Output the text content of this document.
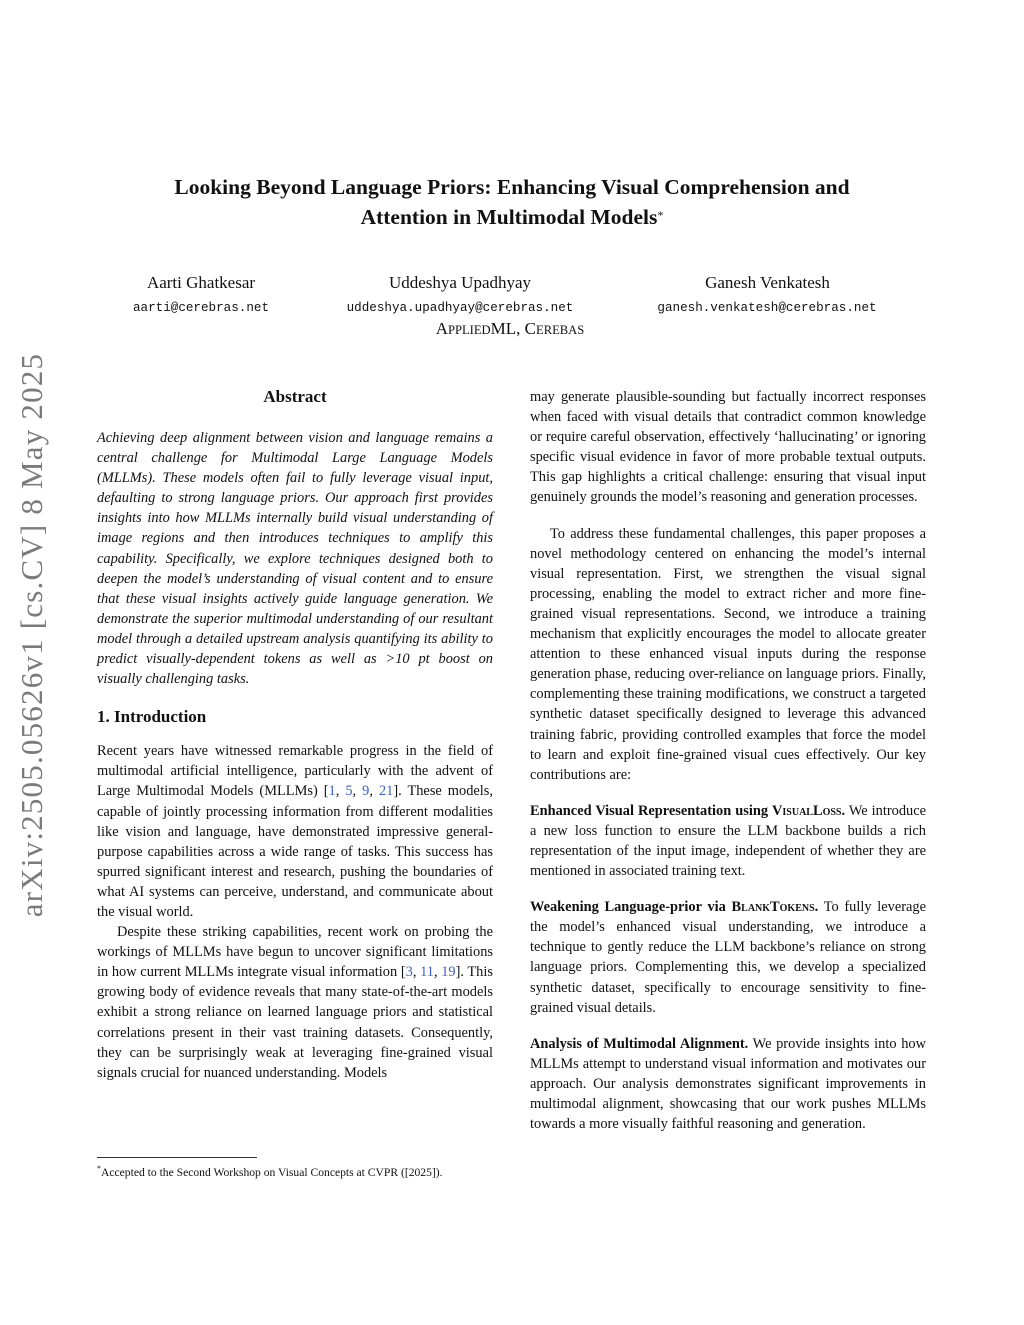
arXiv:2505.05626v1 [cs.CV] 8 May 2025
Looking Beyond Language Priors: Enhancing Visual Comprehension and
Attention in Multimodal Models*
Aarti Ghatkesar	Uddeshya Upadhyay	Ganesh Venkatesh
aarti@cerebras.net	uddeshya.upadhyay@cerebras.net	ganesh.venkatesh@cerebras.net
APPLIEDML, CEREBAS
Abstract

Achieving deep alignment between vision and language remains a central challenge for Multimodal Large Language Models (MLLMs). These models often fail to fully leverage visual input, defaulting to strong language priors. Our approach first provides insights into how MLLMs internally build visual understanding of image regions and then introduces techniques to amplify this capability. Specifically, we explore techniques designed both to deepen the model’s understanding of visual content and to ensure that these visual insights actively guide language generation. We demonstrate the superior multimodal understanding of our resultant model through a detailed upstream analysis quantifying its ability to predict visually-dependent tokens as well as >10 pt boost on visually challenging tasks.

1. Introduction

Recent years have witnessed remarkable progress in the field of multimodal artificial intelligence, particularly with the advent of Large Multimodal Models (MLLMs) [1, 5, 9, 21]. These models, capable of jointly processing information from different modalities like vision and language, have demonstrated impressive general-purpose capabilities across a wide range of tasks. This success has spurred significant interest and research, pushing the boundaries of what AI systems can perceive, understand, and communicate about the visual world.

Despite these striking capabilities, recent work on probing the workings of MLLMs have begun to uncover significant limitations in how current MLLMs integrate visual information [3, 11, 19]. This growing body of evidence reveals that many state-of-the-art models exhibit a strong reliance on learned language priors and statistical correlations present in their vast training datasets. Consequently, they can be surprisingly weak at leveraging fine-grained visual signals crucial for nuanced understanding. Models

*Accepted to the Second Workshop on Visual Concepts at CVPR ([2025]).

may generate plausible-sounding but factually incorrect responses when faced with visual details that contradict common knowledge or require careful observation, effectively ‘hallucinating’ or ignoring specific visual evidence in favor of more probable textual outputs. This gap highlights a critical challenge: ensuring that visual input genuinely grounds the model’s reasoning and generation processes.

To address these fundamental challenges, this paper proposes a novel methodology centered on enhancing the model’s internal visual representation. First, we strengthen the visual signal processing, enabling the model to extract richer and more fine-grained visual representations. Second, we introduce a training mechanism that explicitly encourages the model to allocate greater attention to these enhanced visual inputs during the response generation phase, reducing over-reliance on language priors. Finally, complementing these training modifications, we construct a targeted synthetic dataset specifically designed to leverage this advanced training fabric, providing controlled examples that force the model to learn and exploit fine-grained visual cues effectively. Our key contributions are:

Enhanced Visual Representation using VisualLoss. We introduce a new loss function to ensure the LLM backbone builds a rich representation of the input image, independent of whether they are mentioned in associated training text.

Weakening Language-prior via BlankTokens. To fully leverage the model’s enhanced visual understanding, we introduce a technique to gently reduce the LLM backbone’s reliance on strong language priors. Complementing this, we develop a specialized synthetic dataset, specifically to encourage sensitivity to fine-grained visual details.

Analysis of Multimodal Alignment. We provide insights into how MLLMs attempt to understand visual information and motivates our approach. Our analysis demonstrates significant improvements in multimodal alignment, showcasing that our work pushes MLLMs towards a more visually faithful reasoning and generation.
